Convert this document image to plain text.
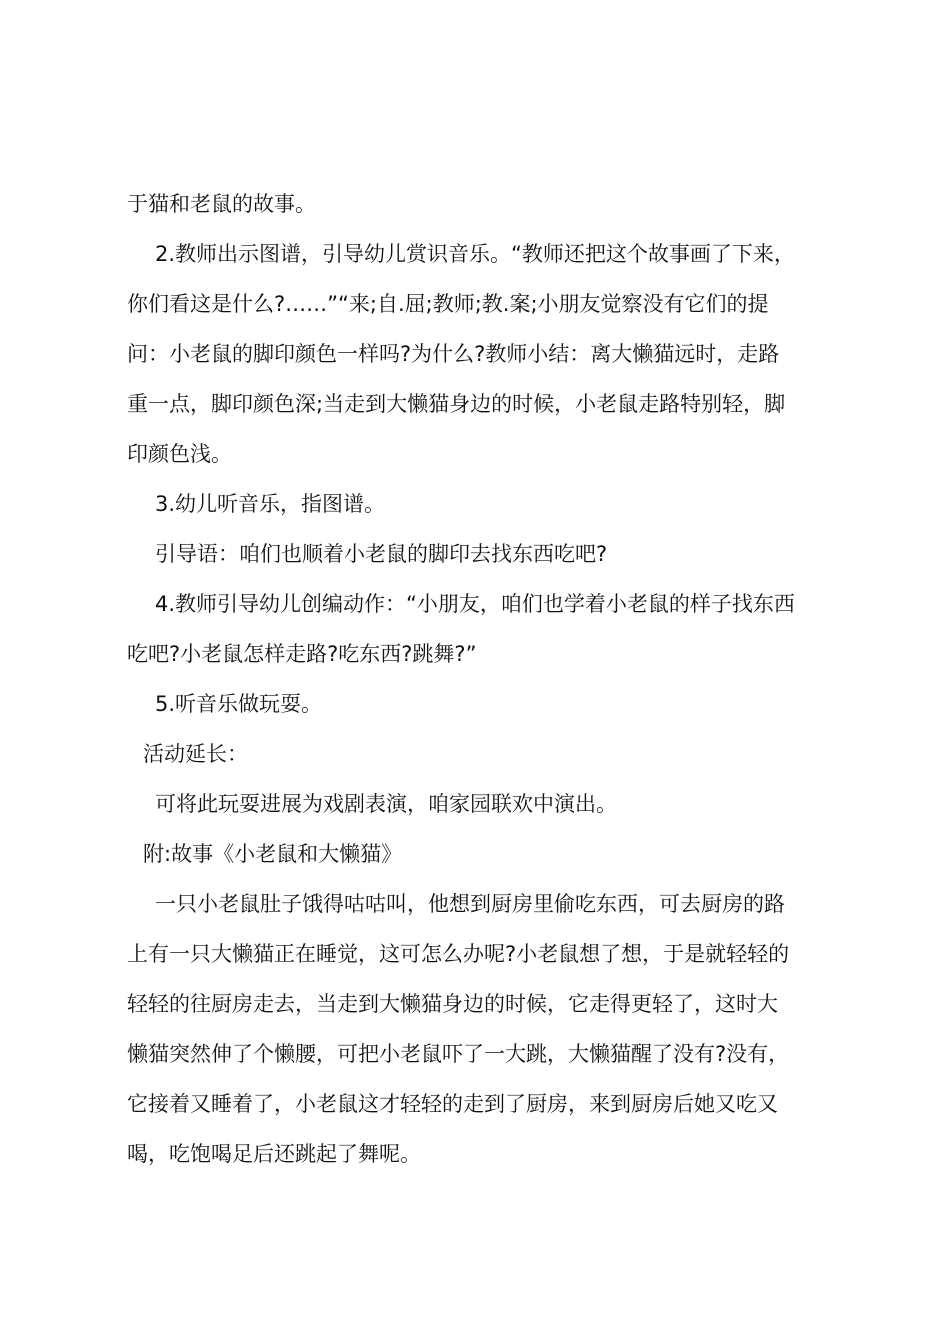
于猫和老鼠的故事。
2.教师出示图谱，引导幼儿赏识音乐。“教师还把这个故事画了下来，
你们看这是什么?……”“来;自.屈;教师;教.案;小朋友觉察没有它们的提
问：小老鼠的脚印颜色一样吗?为什么?教师小结：离大懒猫远时，走路
重一点，脚印颜色深;当走到大懒猫身边的时候，小老鼠走路特别轻，脚
印颜色浅。
3.幼儿听音乐，指图谱。
引导语：咱们也顺着小老鼠的脚印去找东西吃吧?
4.教师引导幼儿创编动作：“小朋友，咱们也学着小老鼠的样子找东西
吃吧?小老鼠怎样走路?吃东西?跳舞?”
5.听音乐做玩耍。
活动延长：
可将此玩耍进展为戏剧表演，咱家园联欢中演出。
附:故事《小老鼠和大懒猫》
一只小老鼠肚子饿得咕咕叫，他想到厨房里偷吃东西，可去厨房的路
上有一只大懒猫正在睡觉，这可怎么办呢?小老鼠想了想，于是就轻轻的
轻轻的往厨房走去，当走到大懒猫身边的时候，它走得更轻了，这时大
懒猫突然伸了个懒腰，可把小老鼠吓了一大跳，大懒猫醒了没有?没有，
它接着又睡着了，小老鼠这才轻轻的走到了厨房，来到厨房后她又吃又
喝，吃饱喝足后还跳起了舞呢。
